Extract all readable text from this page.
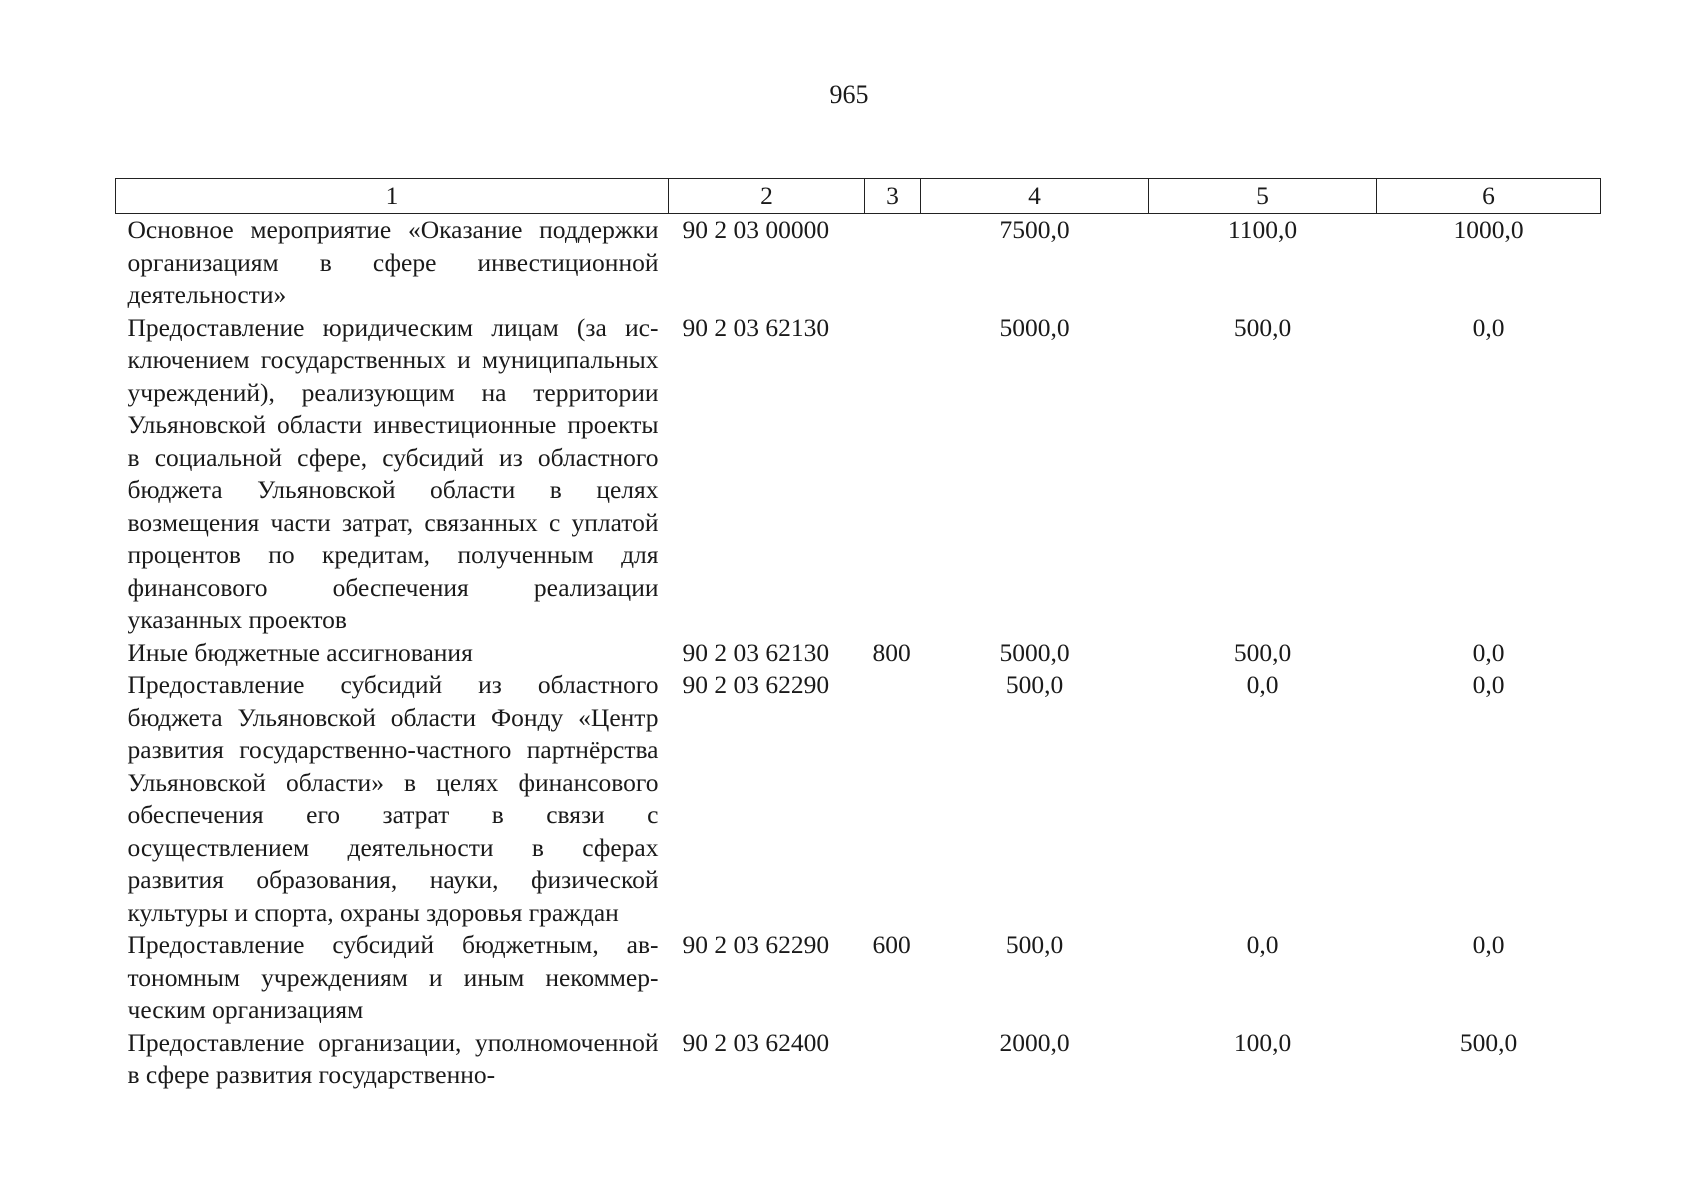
965
1	2	3	4	5	6
Основное мероприятие «Оказание поддержки организациям в сфере инвестиционной деятельности»	90 2 03 00000		7500,0	1100,0	1000,0
Предоставление юридическим лицам (за исключением государственных и муниципальных учреждений), реализующим на территории Ульяновской области инвестиционные проекты в социальной сфере, субсидий из областного бюджета Ульяновской области в целях возмещения части затрат, связанных с уплатой процентов по кредитам, полученным для финансового обеспечения реализации указанных проектов	90 2 03 62130		5000,0	500,0	0,0
Иные бюджетные ассигнования	90 2 03 62130	800	5000,0	500,0	0,0
Предоставление субсидий из областного бюджета Ульяновской области Фонду «Центр развития государственно-частного партнёрства Ульяновской области» в целях финансового обеспечения его затрат в связи с осуществлением деятельности в сферах развития образования, науки, физической культуры и спорта, охраны здоровья граждан	90 2 03 62290		500,0	0,0	0,0
Предоставление субсидий бюджетным, автономным учреждениям и иным некоммерческим организациям	90 2 03 62290	600	500,0	0,0	0,0
Предоставление организации, уполномоченной в сфере развития государственно-	90 2 03 62400		2000,0	100,0	500,0
